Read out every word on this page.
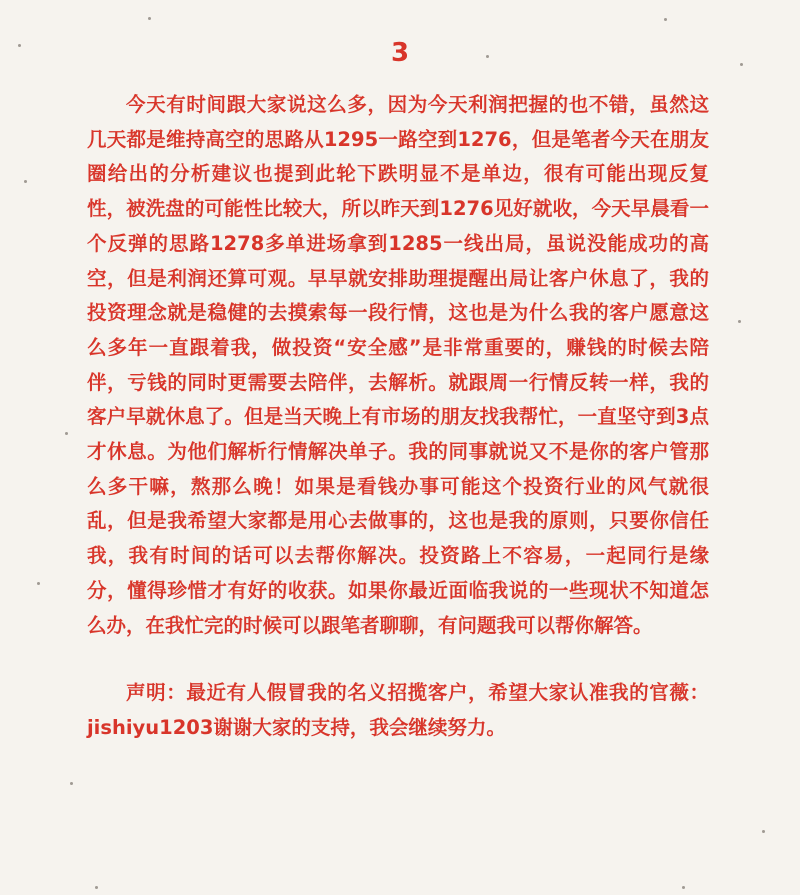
3

今天有时间跟大家说这么多，因为今天利润把握的也不错，虽然这几天都是维持高空的思路从1295一路空到1276，但是笔者今天在朋友圈给出的分析建议也提到此轮下跌明显不是单边，很有可能出现反复性，被洗盘的可能性比较大，所以昨天到1276见好就收，今天早晨看一个反弹的思路1278多单进场拿到1285一线出局，虽说没能成功的高空，但是利润还算可观。早早就安排助理提醒出局让客户休息了，我的投资理念就是稳健的去摸索每一段行情，这也是为什么我的客户愿意这么多年一直跟着我，做投资“安全感”是非常重要的，赚钱的时候去陪伴，亏钱的同时更需要去陪伴，去解析。就跟周一行情反转一样，我的客户早就休息了。但是当天晚上有市场的朋友找我帮忙，一直坚守到3点才休息。为他们解析行情解决单子。我的同事就说又不是你的客户管那么多干嘛，熬那么晚！如果是看钱办事可能这个投资行业的风气就很乱，但是我希望大家都是用心去做事的，这也是我的原则，只要你信任我，我有时间的话可以去帮你解决。投资路上不容易，一起同行是缘分，懂得珍惜才有好的收获。如果你最近面临我说的一些现状不知道怎么办，在我忙完的时候可以跟笔者聊聊，有问题我可以帮你解答。

声明：最近有人假冒我的名义招揽客户，希望大家认准我的官薇：jishiyu1203谢谢大家的支持，我会继续努力。
